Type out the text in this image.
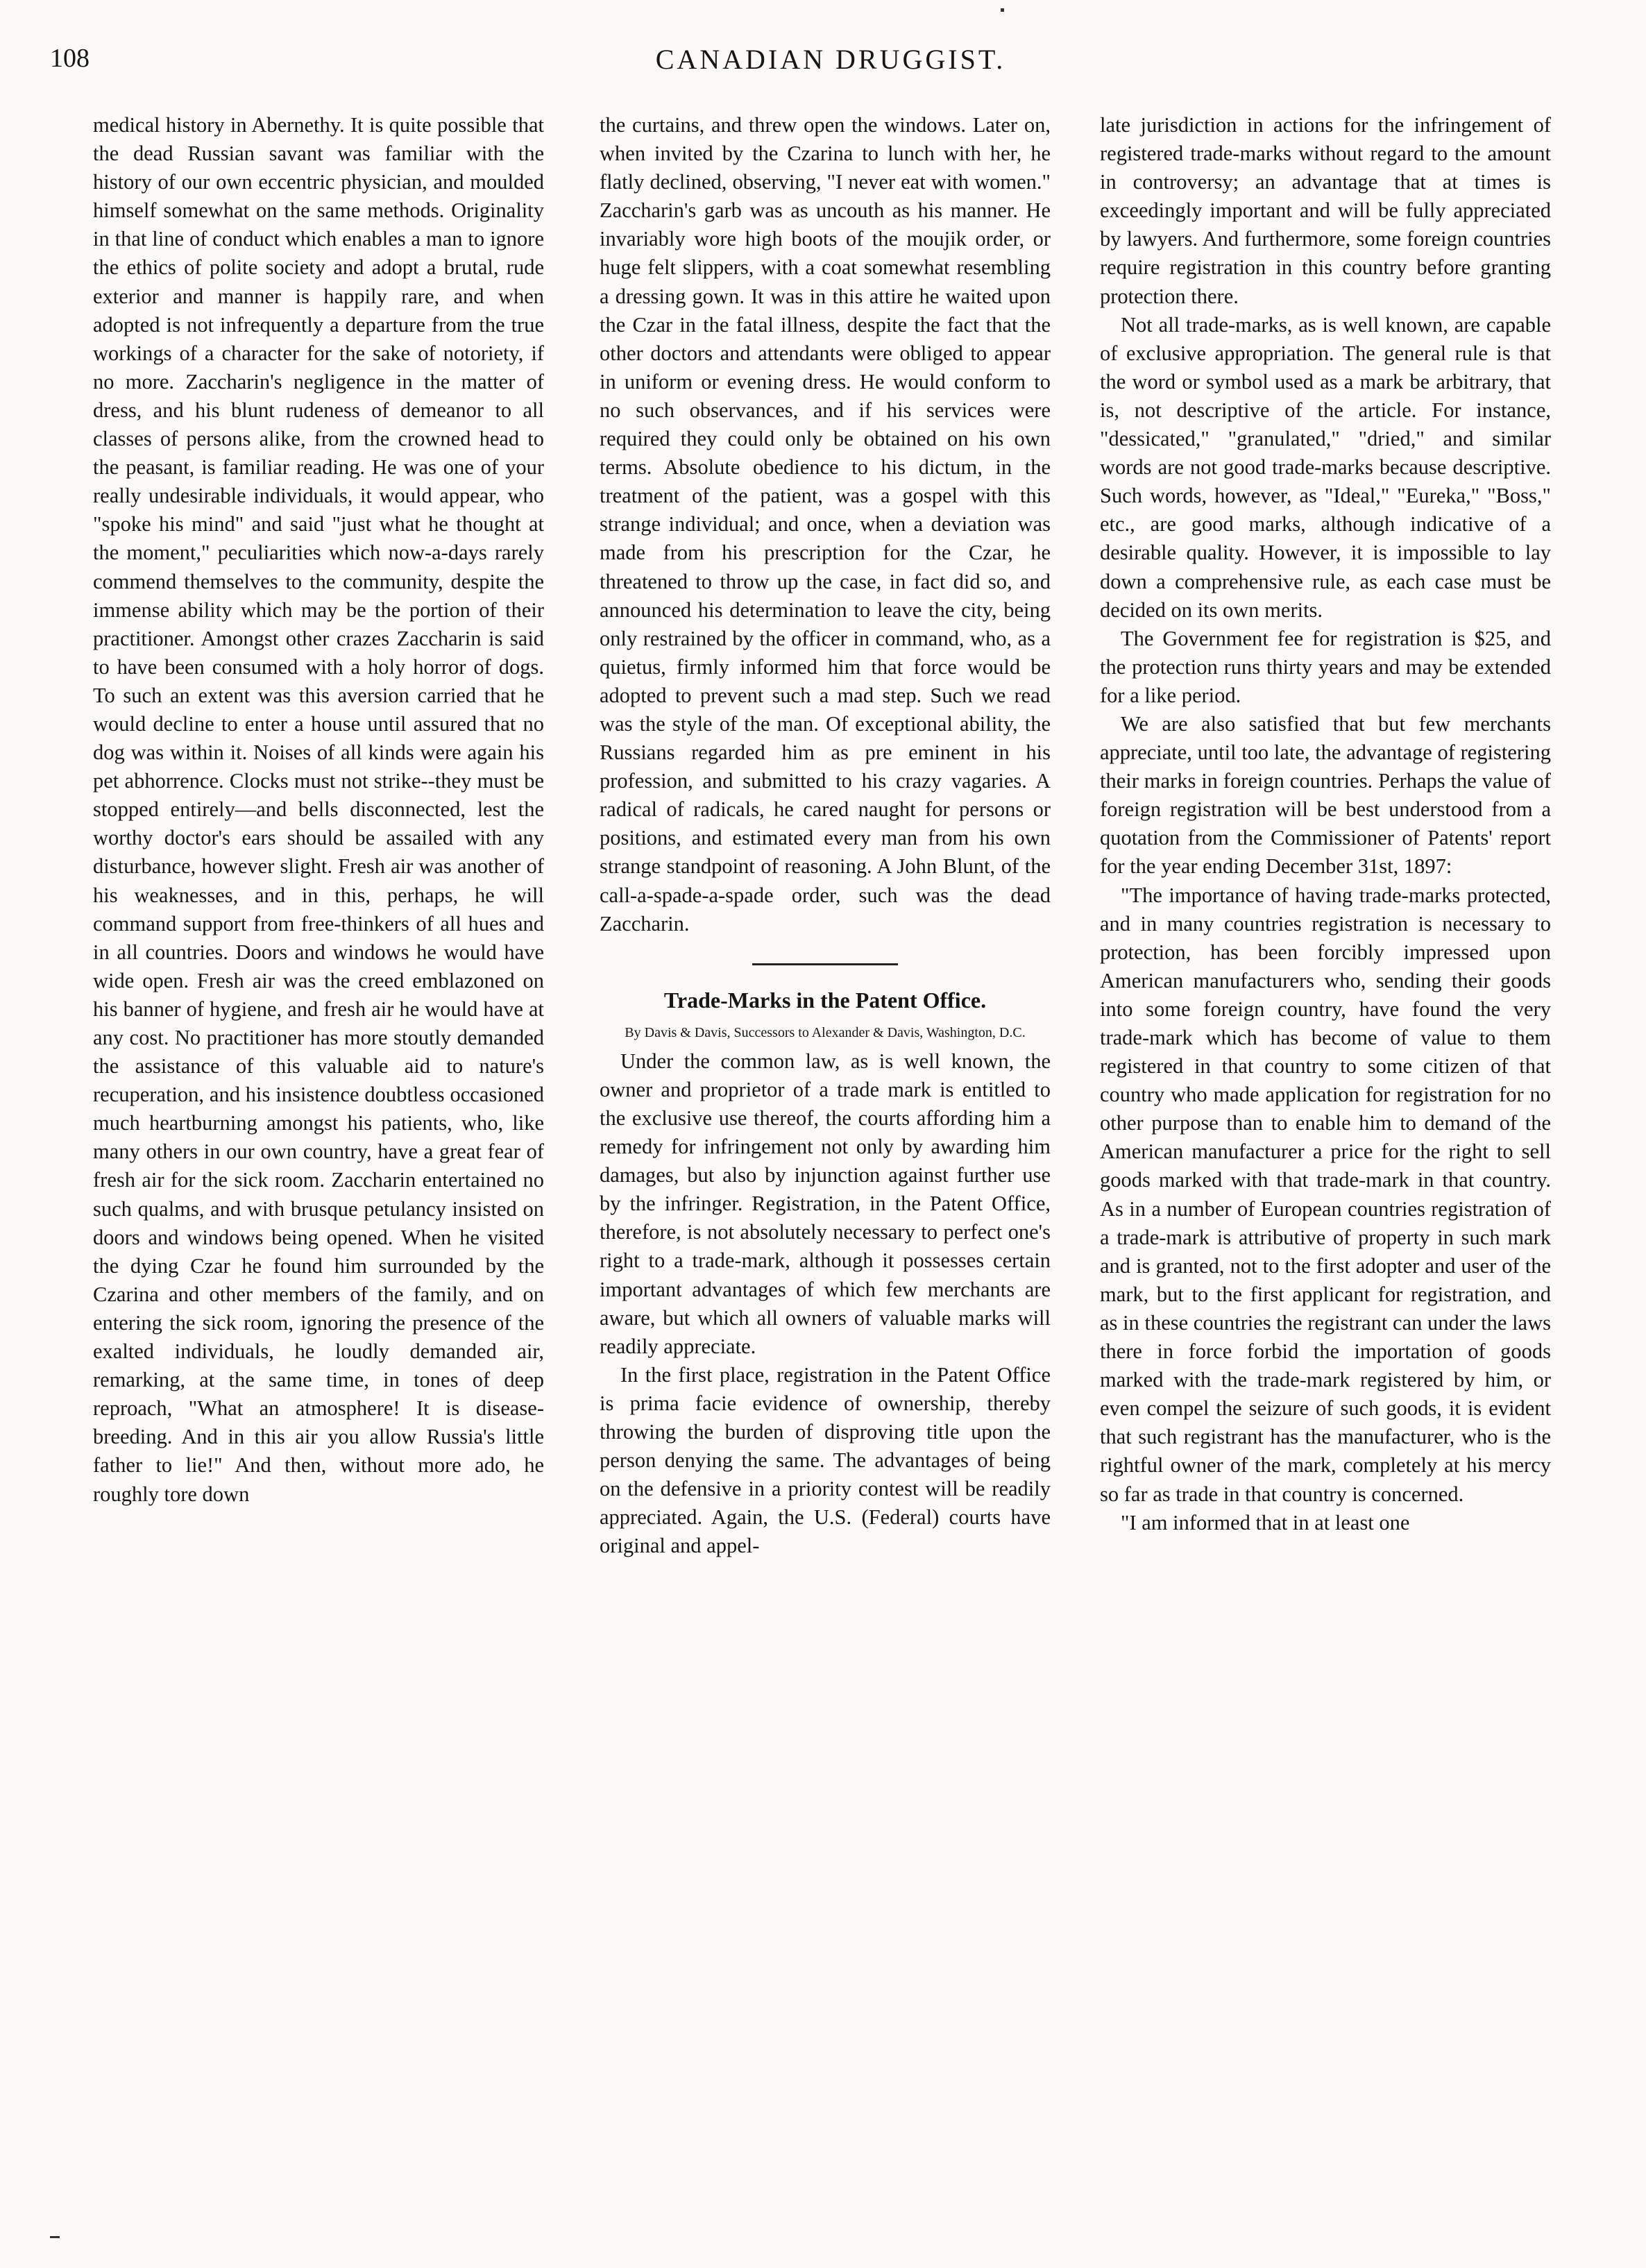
108	CANADIAN DRUGGIST.

medical history in Abernethy. It is quite possible that the dead Russian savant was familiar with the history of our own eccentric physician, and moulded himself somewhat on the same methods. Originality in that line of conduct which enables a man to ignore the ethics of polite society and adopt a brutal, rude exterior and manner is happily rare, and when adopted is not infrequently a departure from the true workings of a character for the sake of notoriety, if no more. Zaccharin's negligence in the matter of dress, and his blunt rudeness of demeanor to all classes of persons alike, from the crowned head to the peasant, is familiar reading. He was one of your really undesirable individuals, it would appear, who "spoke his mind" and said "just what he thought at the moment," peculiarities which now-a-days rarely commend themselves to the community, despite the immense ability which may be the portion of their practitioner. Amongst other crazes Zaccharin is said to have been consumed with a holy horror of dogs. To such an extent was this aversion carried that he would decline to enter a house until assured that no dog was within it. Noises of all kinds were again his pet abhorrence. Clocks must not strike--they must be stopped entirely—and bells disconnected, lest the worthy doctor's ears should be assailed with any disturbance, however slight. Fresh air was another of his weaknesses, and in this, perhaps, he will command support from free-thinkers of all hues and in all countries. Doors and windows he would have wide open. Fresh air was the creed emblazoned on his banner of hygiene, and fresh air he would have at any cost. No practitioner has more stoutly demanded the assistance of this valuable aid to nature's recuperation, and his insistence doubtless occasioned much heartburning amongst his patients, who, like many others in our own country, have a great fear of fresh air for the sick room. Zaccharin entertained no such qualms, and with brusque petulancy insisted on doors and windows being opened. When he visited the dying Czar he found him surrounded by the Czarina and other members of the family, and on entering the sick room, ignoring the presence of the exalted individuals, he loudly demanded air, remarking, at the same time, in tones of deep reproach, "What an atmosphere! It is disease-breeding. And in this air you allow Russia's little father to lie!" And then, without more ado, he roughly tore down

the curtains, and threw open the windows. Later on, when invited by the Czarina to lunch with her, he flatly declined, observing, "I never eat with women." Zaccharin's garb was as uncouth as his manner. He invariably wore high boots of the moujik order, or huge felt slippers, with a coat somewhat resembling a dressing gown. It was in this attire he waited upon the Czar in the fatal illness, despite the fact that the other doctors and attendants were obliged to appear in uniform or evening dress. He would conform to no such observances, and if his services were required they could only be obtained on his own terms. Absolute obedience to his dictum, in the treatment of the patient, was a gospel with this strange individual; and once, when a deviation was made from his prescription for the Czar, he threatened to throw up the case, in fact did so, and announced his determination to leave the city, being only restrained by the officer in command, who, as a quietus, firmly informed him that force would be adopted to prevent such a mad step. Such we read was the style of the man. Of exceptional ability, the Russians regarded him as pre eminent in his profession, and submitted to his crazy vagaries. A radical of radicals, he cared naught for persons or positions, and estimated every man from his own strange standpoint of reasoning. A John Blunt, of the call-a-spade-a-spade order, such was the dead Zaccharin.

Trade-Marks in the Patent Office.
By Davis & Davis, Successors to Alexander & Davis, Washington, D.C.

Under the common law, as is well known, the owner and proprietor of a trade mark is entitled to the exclusive use thereof, the courts affording him a remedy for infringement not only by awarding him damages, but also by injunction against further use by the infringer. Registration, in the Patent Office, therefore, is not absolutely necessary to perfect one's right to a trade-mark, although it possesses certain important advantages of which few merchants are aware, but which all owners of valuable marks will readily appreciate.

In the first place, registration in the Patent Office is prima facie evidence of ownership, thereby throwing the burden of disproving title upon the person denying the same. The advantages of being on the defensive in a priority contest will be readily appreciated. Again, the U.S. (Federal) courts have original and appel-

late jurisdiction in actions for the infringement of registered trade-marks without regard to the amount in controversy; an advantage that at times is exceedingly important and will be fully appreciated by lawyers. And furthermore, some foreign countries require registration in this country before granting protection there.

Not all trade-marks, as is well known, are capable of exclusive appropriation. The general rule is that the word or symbol used as a mark be arbitrary, that is, not descriptive of the article. For instance, "dessicated," "granulated," "dried," and similar words are not good trade-marks because descriptive. Such words, however, as "Ideal," "Eureka," "Boss," etc., are good marks, although indicative of a desirable quality. However, it is impossible to lay down a comprehensive rule, as each case must be decided on its own merits.

The Government fee for registration is $25, and the protection runs thirty years and may be extended for a like period.

We are also satisfied that but few merchants appreciate, until too late, the advantage of registering their marks in foreign countries. Perhaps the value of foreign registration will be best understood from a quotation from the Commissioner of Patents' report for the year ending December 31st, 1897:

"The importance of having trade-marks protected, and in many countries registration is necessary to protection, has been forcibly impressed upon American manufacturers who, sending their goods into some foreign country, have found the very trade-mark which has become of value to them registered in that country to some citizen of that country who made application for registration for no other purpose than to enable him to demand of the American manufacturer a price for the right to sell goods marked with that trade-mark in that country. As in a number of European countries registration of a trade-mark is attributive of property in such mark and is granted, not to the first adopter and user of the mark, but to the first applicant for registration, and as in these countries the registrant can under the laws there in force forbid the importation of goods marked with the trade-mark registered by him, or even compel the seizure of such goods, it is evident that such registrant has the manufacturer, who is the rightful owner of the mark, completely at his mercy so far as trade in that country is concerned.

"I am informed that in at least one
